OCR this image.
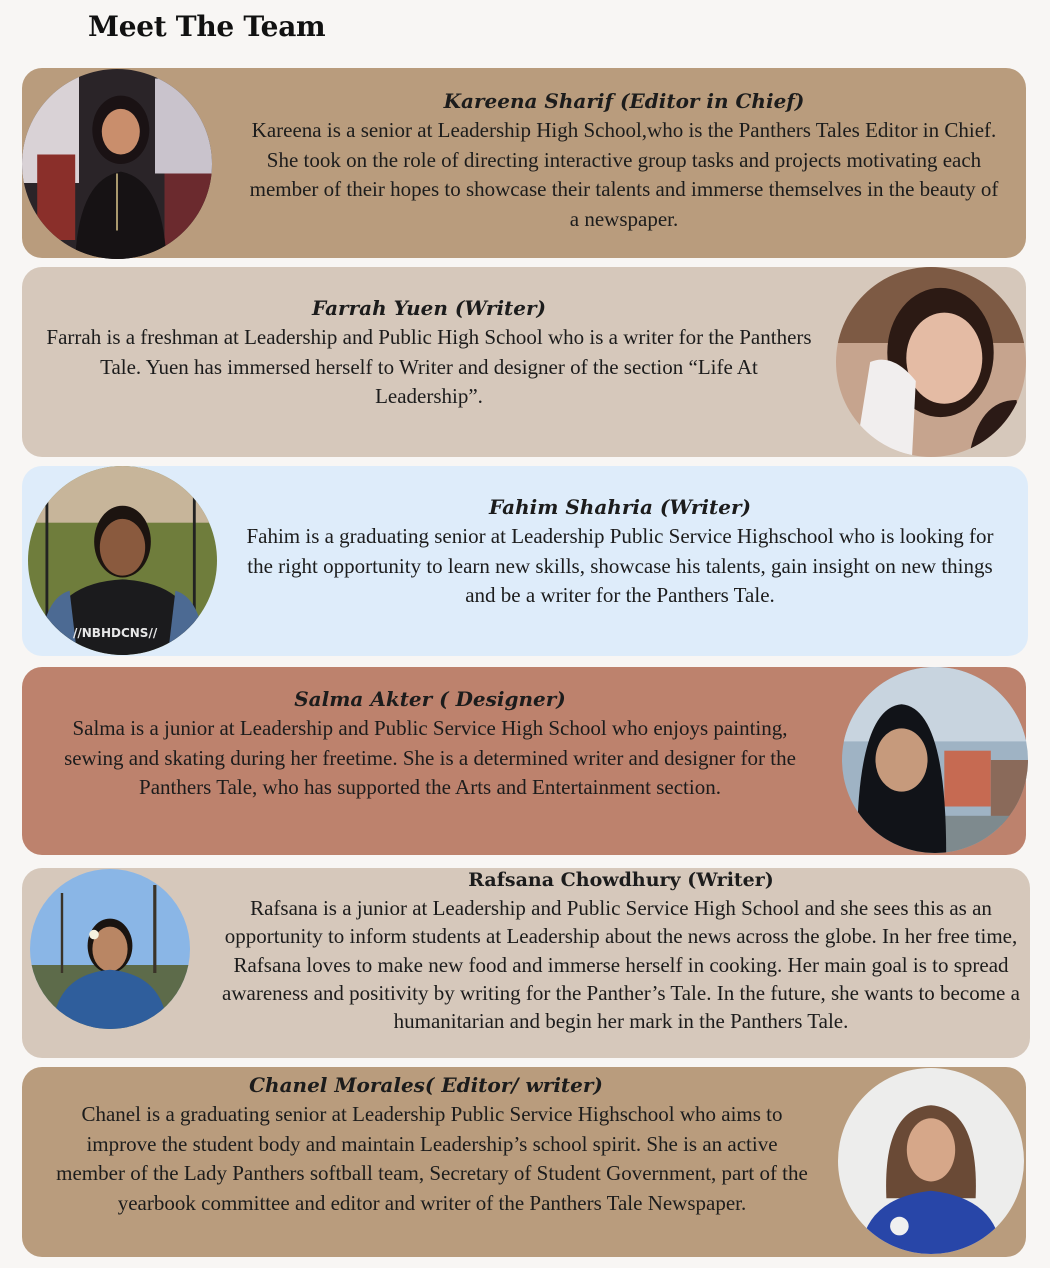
Meet The Team
Kareena Sharif (Editor in Chief)
Kareena is a senior at Leadership High School,who is the Panthers Tales Editor in Chief. She took on the role of directing interactive group tasks and projects motivating each member of their hopes to showcase their talents and immerse themselves in the beauty of a newspaper.
Farrah Yuen (Writer)
Farrah is a freshman at Leadership and Public High School who is a writer for the Panthers Tale. Yuen has immersed herself to Writer and designer of the section “Life At Leadership”.
//NBHDCNS//
Fahim Shahria (Writer)
Fahim is a graduating senior at Leadership Public Service Highschool who is looking for the right opportunity to learn new skills, showcase his talents, gain insight on new things and be a writer for the Panthers Tale.
Salma Akter ( Designer)
Salma is a junior at Leadership and Public Service High School who enjoys painting, sewing and skating during her freetime. She is a determined writer and designer for the Panthers Tale, who has supported the Arts and Entertainment section.
Rafsana Chowdhury (Writer)
Rafsana is a junior at Leadership and Public Service High School and she sees this as an opportunity to inform students at Leadership about the news across the globe. In her free time, Rafsana loves to make new food and immerse herself in cooking. Her main goal is to spread awareness and positivity by writing for the Panther’s Tale. In the future, she wants to become a humanitarian and begin her mark in the Panthers Tale.
Chanel Morales( Editor/ writer)
Chanel is a graduating senior at Leadership Public Service Highschool who aims to improve the student body and maintain Leadership’s school spirit. She is an active member of the Lady Panthers softball team, Secretary of Student Government, part of the yearbook committee and editor and writer of the Panthers Tale Newspaper.
